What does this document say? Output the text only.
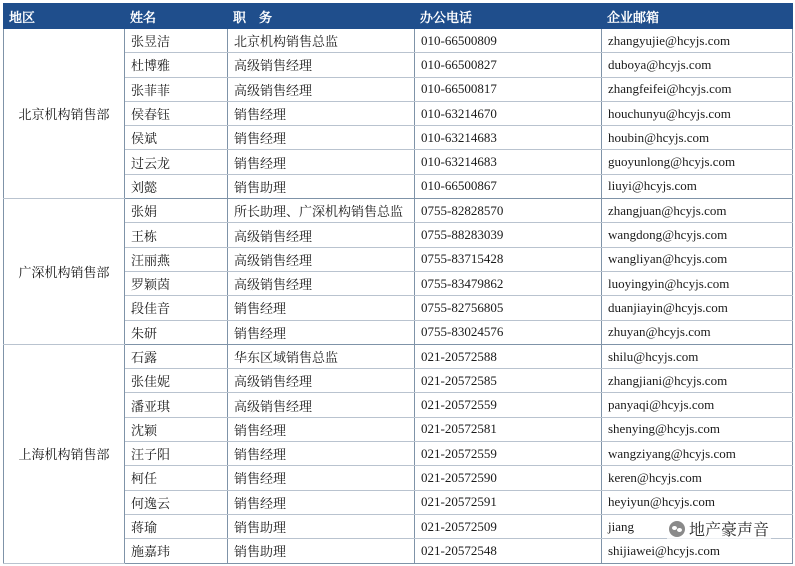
地区	姓名	职　务	办公电话	企业邮箱
北京机构销售部	张昱洁	北京机构销售总监	010-66500809	zhangyujie@hcyjs.com
	杜博雅	高级销售经理	010-66500827	duboya@hcyjs.com
	张菲菲	高级销售经理	010-66500817	zhangfeifei@hcyjs.com
	侯春钰	销售经理	010-63214670	houchunyu@hcyjs.com
	侯斌	销售经理	010-63214683	houbin@hcyjs.com
	过云龙	销售经理	010-63214683	guoyunlong@hcyjs.com
	刘懿	销售助理	010-66500867	liuyi@hcyjs.com
广深机构销售部	张娟	所长助理、广深机构销售总监	0755-82828570	zhangjuan@hcyjs.com
	王栋	高级销售经理	0755-88283039	wangdong@hcyjs.com
	汪丽燕	高级销售经理	0755-83715428	wangliyan@hcyjs.com
	罗颖茵	高级销售经理	0755-83479862	luoyingyin@hcyjs.com
	段佳音	销售经理	0755-82756805	duanjiayin@hcyjs.com
	朱研	销售经理	0755-83024576	zhuyan@hcyjs.com
上海机构销售部	石露	华东区域销售总监	021-20572588	shilu@hcyjs.com
	张佳妮	高级销售经理	021-20572585	zhangjiani@hcyjs.com
	潘亚琪	高级销售经理	021-20572559	panyaqi@hcyjs.com
	沈颖	销售经理	021-20572581	shenying@hcyjs.com
	汪子阳	销售经理	021-20572559	wangziyang@hcyjs.com
	柯任	销售经理	021-20572590	keren@hcyjs.com
	何逸云	销售经理	021-20572591	heyiyun@hcyjs.com
	蒋瑜	销售助理	021-20572509	jiang
	施嘉玮	销售助理	021-20572548	shijiawei@hcyjs.com
地产豪声音
